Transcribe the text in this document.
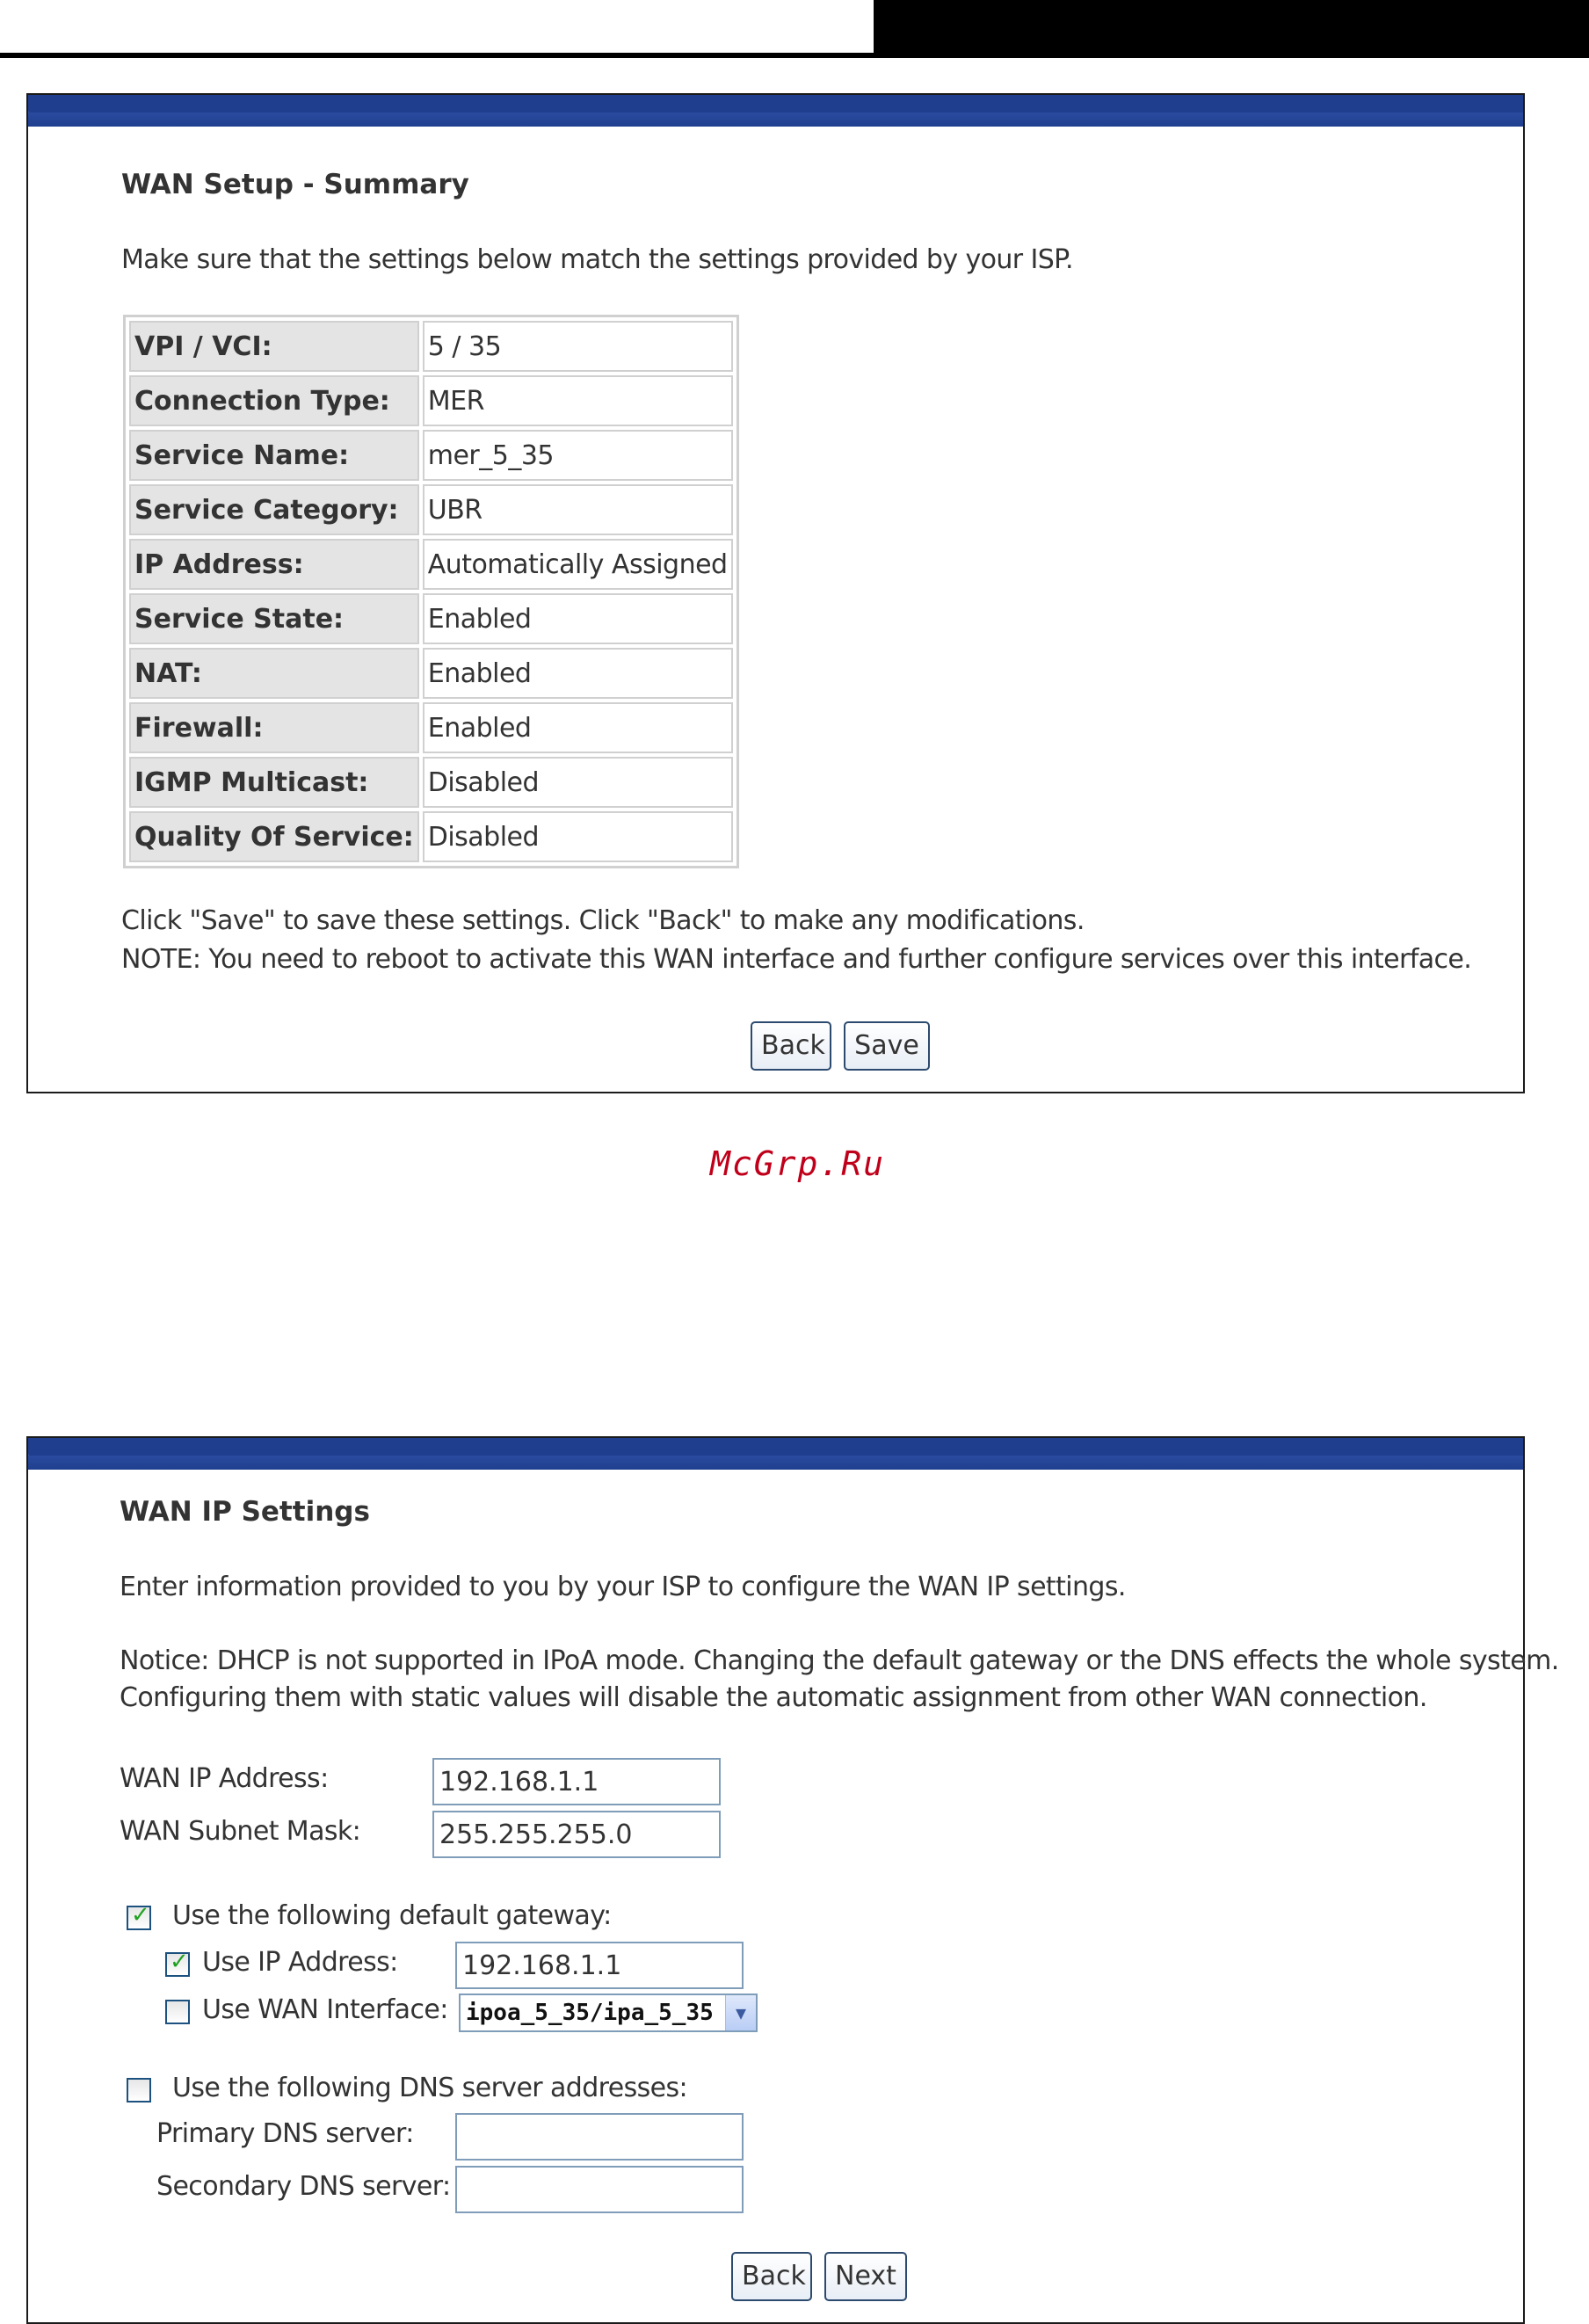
WAN Setup - Summary
Make sure that the settings below match the settings provided by your ISP.
VPI / VCI:	5 / 35
Connection Type:	MER
Service Name:	mer_5_35
Service Category:	UBR
IP Address:	Automatically Assigned
Service State:	Enabled
NAT:	Enabled
Firewall:	Enabled
IGMP Multicast:	Disabled
Quality Of Service:	Disabled
Click "Save" to save these settings. Click "Back" to make any modifications.
NOTE: You need to reboot to activate this WAN interface and further configure services over this interface.
Back	Save
McGrp.Ru
WAN IP Settings
Enter information provided to you by your ISP to configure the WAN IP settings.
Notice: DHCP is not supported in IPoA mode. Changing the default gateway or the DNS effects the whole system.
Configuring them with static values will disable the automatic assignment from other WAN connection.
WAN IP Address:
192.168.1.1
WAN Subnet Mask:
255.255.255.0
✓ Use the following default gateway:
✓ Use IP Address:
192.168.1.1
Use WAN Interface: ipoa_5_35/ipa_5_35	▼
Use the following DNS server addresses:
Primary DNS server:
Secondary DNS server:
Back	Next
